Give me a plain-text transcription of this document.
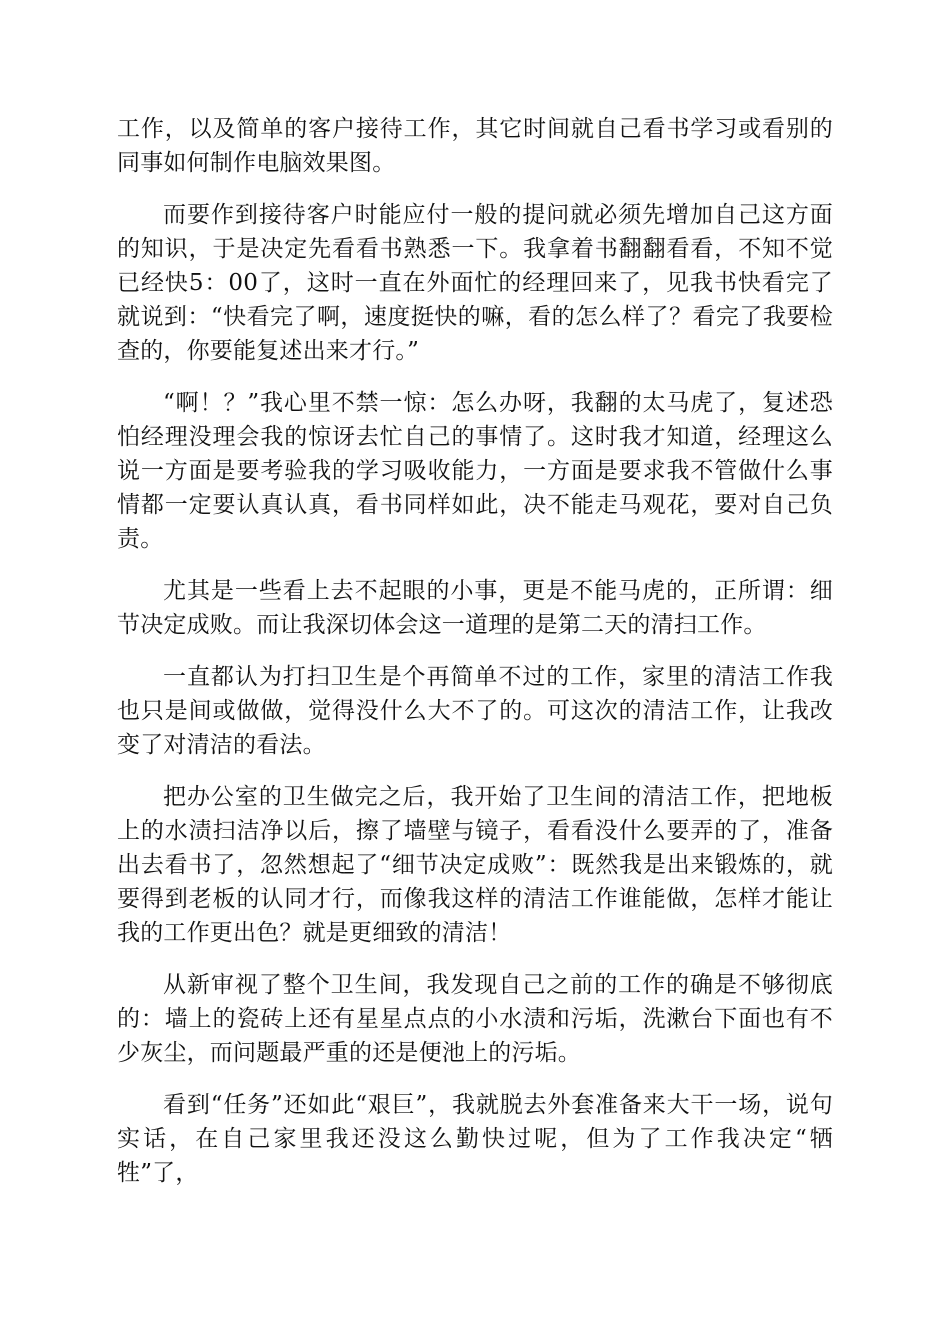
工作，以及简单的客户接待工作，其它时间就自己看书学习或看别的同事如何制作电脑效果图。

而要作到接待客户时能应付一般的提问就必须先增加自己这方面的知识，于是决定先看看书熟悉一下。我拿着书翻翻看看，不知不觉已经快5：00了，这时一直在外面忙的经理回来了，见我书快看完了就说到：“快看完了啊，速度挺快的嘛，看的怎么样了？看完了我要检查的，你要能复述出来才行。”

“啊！？”我心里不禁一惊：怎么办呀，我翻的太马虎了，复述恐怕经理没理会我的惊讶去忙自己的事情了。这时我才知道，经理这么说一方面是要考验我的学习吸收能力，一方面是要求我不管做什么事情都一定要认真认真，看书同样如此，决不能走马观花，要对自己负责。

尤其是一些看上去不起眼的小事，更是不能马虎的，正所谓：细节决定成败。而让我深切体会这一道理的是第二天的清扫工作。

一直都认为打扫卫生是个再简单不过的工作，家里的清洁工作我也只是间或做做，觉得没什么大不了的。可这次的清洁工作，让我改变了对清洁的看法。

把办公室的卫生做完之后，我开始了卫生间的清洁工作，把地板上的水渍扫洁净以后，擦了墙壁与镜子，看看没什么要弄的了，准备出去看书了，忽然想起了“细节决定成败”：既然我是出来锻炼的，就要得到老板的认同才行，而像我这样的清洁工作谁能做，怎样才能让我的工作更出色？就是更细致的清洁！

从新审视了整个卫生间，我发现自己之前的工作的确是不够彻底的：墙上的瓷砖上还有星星点点的小水渍和污垢，洗漱台下面也有不少灰尘，而问题最严重的还是便池上的污垢。

看到“任务”还如此“艰巨”，我就脱去外套准备来大干一场，说句实话，在自己家里我还没这么勤快过呢，但为了工作我决定“牺牲”了，
